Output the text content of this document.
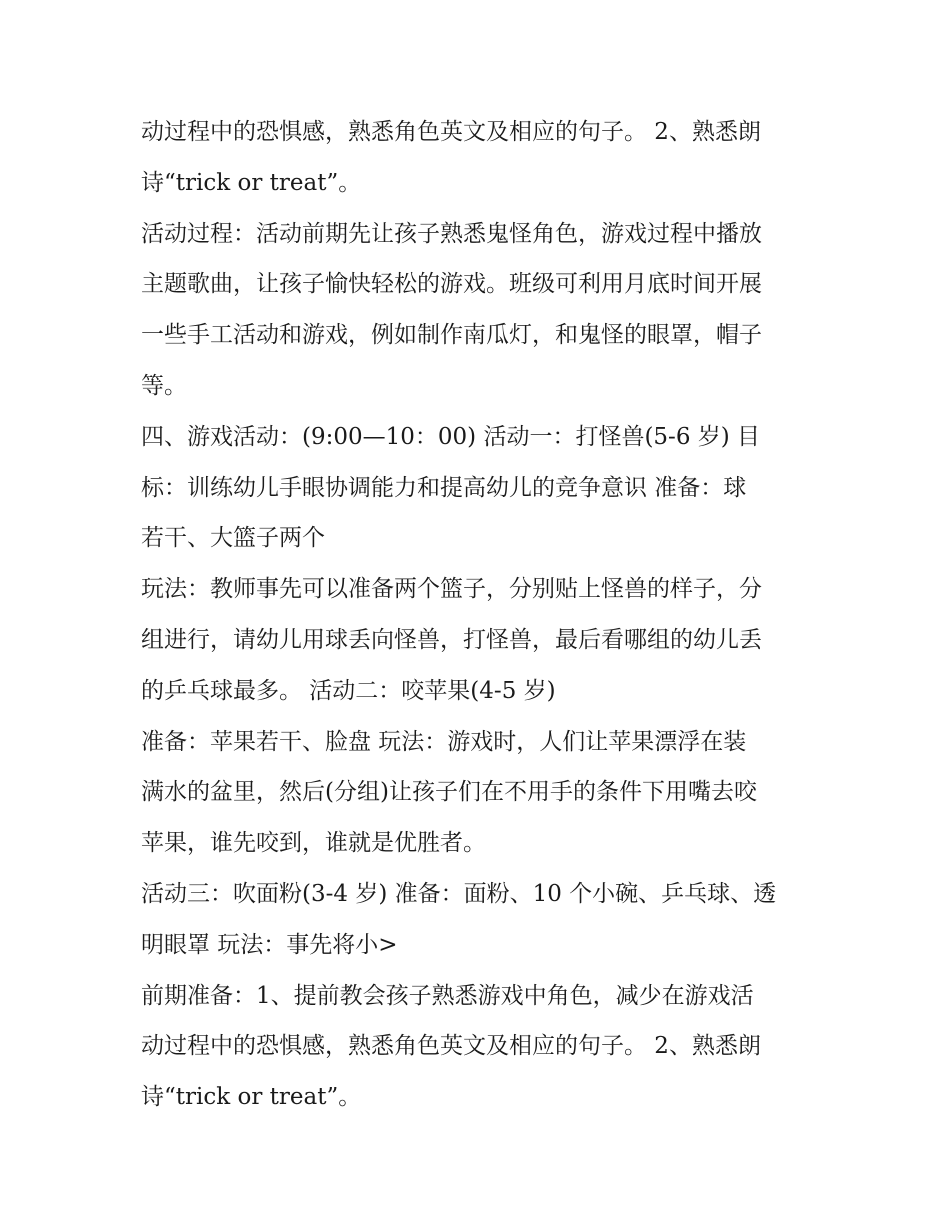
动过程中的恐惧感，熟悉角色英文及相应的句子。 2、熟悉朗

诗“trick or treat”。

活动过程：活动前期先让孩子熟悉鬼怪角色，游戏过程中播放

主题歌曲，让孩子愉快轻松的游戏。班级可利用月底时间开展

一些手工活动和游戏，例如制作南瓜灯，和鬼怪的眼罩，帽子

等。

四、游戏活动：(9:00—10：00) 活动一：打怪兽(5-6 岁) 目

标：训练幼儿手眼协调能力和提高幼儿的竞争意识 准备：球

若干、大篮子两个

玩法：教师事先可以准备两个篮子，分别贴上怪兽的样子，分

组进行，请幼儿用球丢向怪兽，打怪兽，最后看哪组的幼儿丢

的乒乓球最多。 活动二：咬苹果(4-5 岁)

准备：苹果若干、脸盘 玩法：游戏时，人们让苹果漂浮在装

满水的盆里，然后(分组)让孩子们在不用手的条件下用嘴去咬

苹果，谁先咬到，谁就是优胜者。

活动三：吹面粉(3-4 岁) 准备：面粉、10 个小碗、乒乓球、透

明眼罩 玩法：事先将小>

前期准备：1、提前教会孩子熟悉游戏中角色，减少在游戏活

动过程中的恐惧感，熟悉角色英文及相应的句子。 2、熟悉朗

诗“trick or treat”。
